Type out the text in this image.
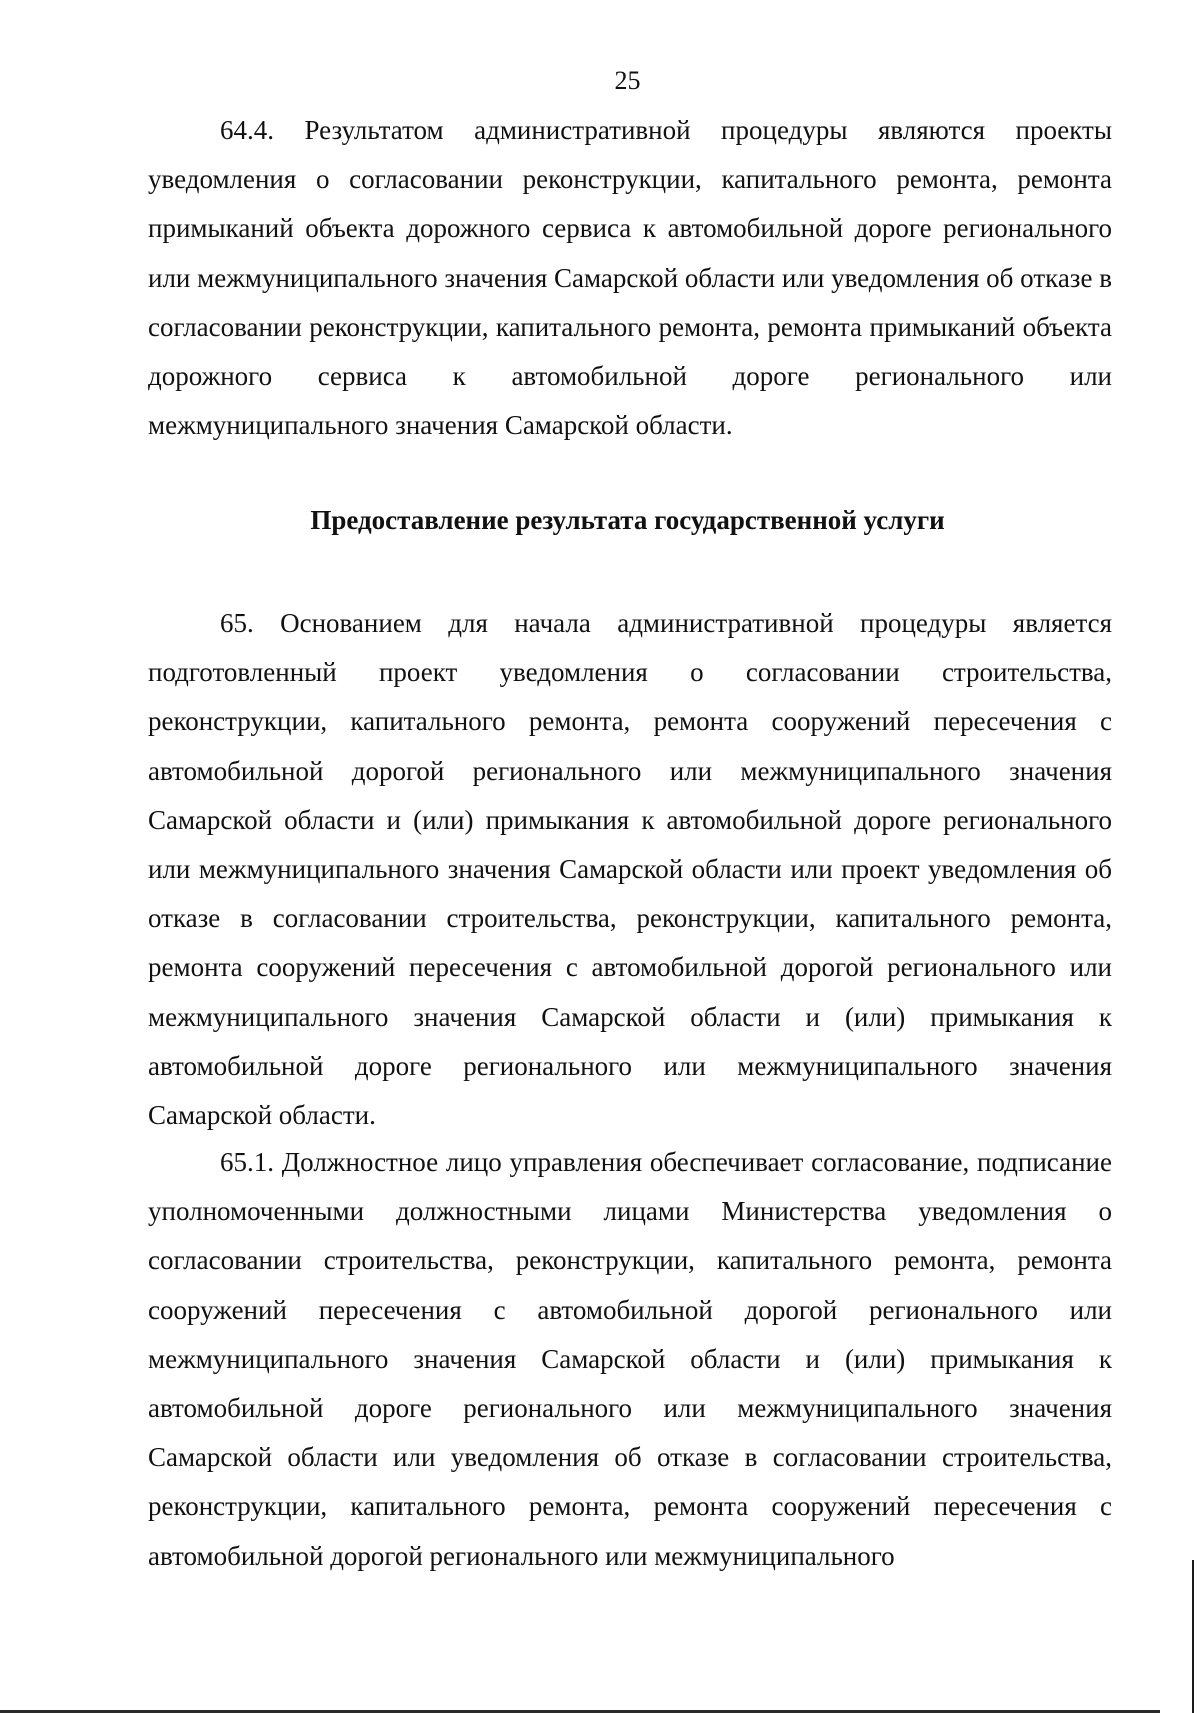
25

64.4. Результатом административной процедуры являются проекты уведомления о согласовании реконструкции, капитального ремонта, ремонта примыканий объекта дорожного сервиса к автомобильной дороге регионального или межмуниципального значения Самарской области или уведомления об отказе в согласовании реконструкции, капитального ремонта, ремонта примыканий объекта дорожного сервиса к автомобильной дороге регионального или межмуниципального значения Самарской области.

Предоставление результата государственной услуги

65. Основанием для начала административной процедуры является подготовленный проект уведомления о согласовании строительства, реконструкции, капитального ремонта, ремонта сооружений пересечения с автомобильной дорогой регионального или межмуниципального значения Самарской области и (или) примыкания к автомобильной дороге регионального или межмуниципального значения Самарской области или проект уведомления об отказе в согласовании строительства, реконструкции, капитального ремонта, ремонта сооружений пересечения с автомобильной дорогой регионального или межмуниципального значения Самарской области и (или) примыкания к автомобильной дороге регионального или межмуниципального значения Самарской области.

65.1. Должностное лицо управления обеспечивает согласование, подписание уполномоченными должностными лицами Министерства уведомления о согласовании строительства, реконструкции, капитального ремонта, ремонта сооружений пересечения с автомобильной дорогой регионального или межмуниципального значения Самарской области и (или) примыкания к автомобильной дороге регионального или межмуниципального значения Самарской области или уведомления об отказе в согласовании строительства, реконструкции, капитального ремонта, ремонта сооружений пересечения с автомобильной дорогой регионального или межмуниципального
